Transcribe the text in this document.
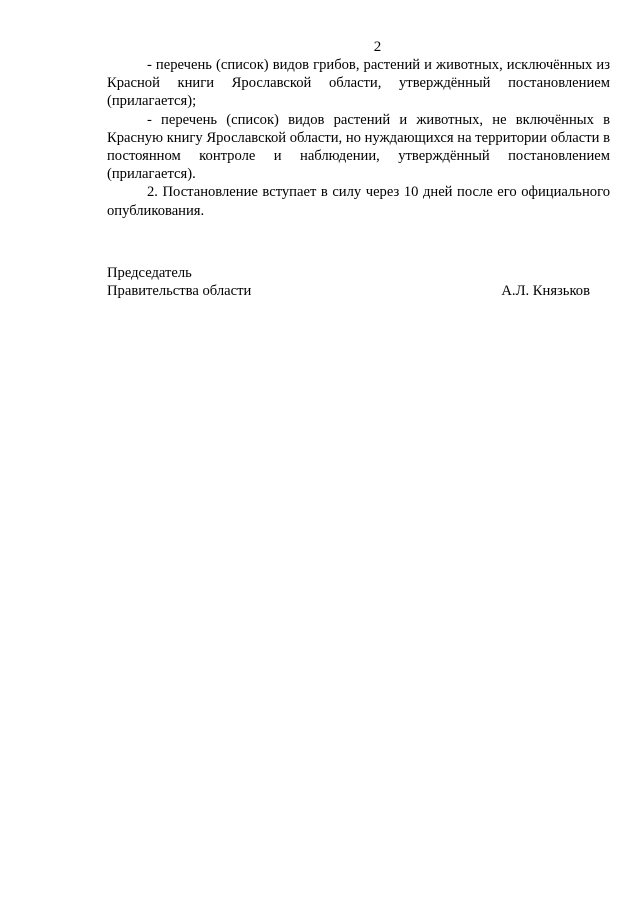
2

- перечень (список) видов грибов, растений и животных, исключённых из Красной книги Ярославской области, утверждённый постановлением (прилагается);

- перечень (список) видов растений и животных, не включённых в Красную книгу Ярославской области, но нуждающихся на территории области в постоянном контроле и наблюдении, утверждённый постановлением (прилагается).

2. Постановление вступает в силу через 10 дней после его официального опубликования.

Председатель
Правительства области	А.Л. Князьков
